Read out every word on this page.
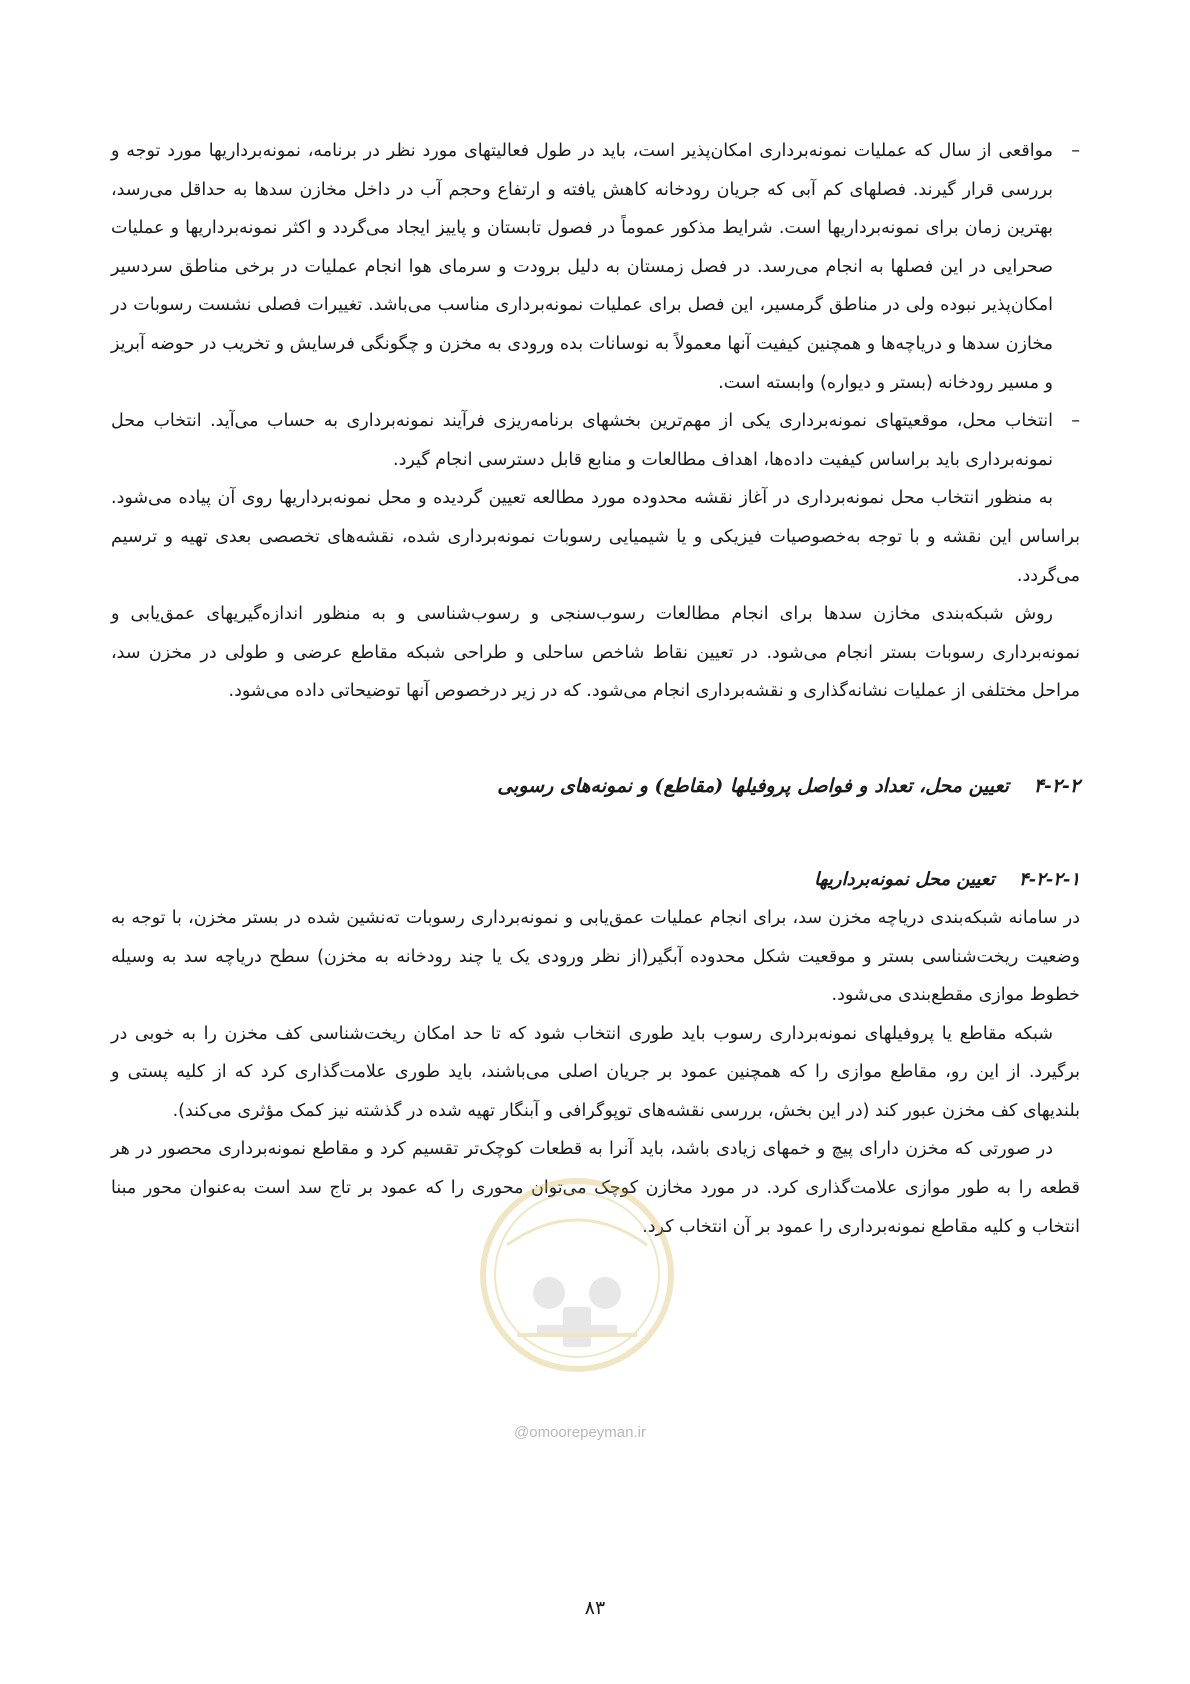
–
مواقعی از سال که عملیات نمونه‌برداری امکان‌پذیر است، باید در طول فعالیتهای مورد نظر در برنامه، نمونه‌برداریها مورد توجه و بررسی قرار گیرند. فصلهای کم آبی که جریان رودخانه کاهش یافته و ارتفاع وحجم آب در داخل مخازن سدها به حداقل می‌رسد، بهترین زمان برای نمونه‌برداریها است. شرایط مذکور عموماً در فصول تابستان و پاییز ایجاد می‌گردد و اکثر نمونه‌برداریها و عملیات صحرایی در این فصلها به انجام می‌رسد. در فصل زمستان به دلیل برودت و سرمای هوا انجام عملیات در برخی مناطق سردسیر امکان‌پذیر نبوده ولی در مناطق گرمسیر، این فصل برای عملیات نمونه‌برداری مناسب می‌باشد. تغییرات فصلی نشست رسوبات در مخازن سدها و دریاچه‌ها و همچنین کیفیت آنها معمولاً به نوسانات بده ورودی به مخزن و چگونگی فرسایش و تخریب در حوضه آبریز و مسیر رودخانه (بستر و دیواره) وابسته است.
–
انتخاب محل، موقعیتهای نمونه‌برداری یکی از مهم‌ترین بخشهای برنامه‌ریزی فرآیند نمونه‌برداری به حساب می‌آید. انتخاب محل نمونه‌برداری باید براساس کیفیت داده‌ها، اهداف مطالعات و منابع قابل دسترسی انجام گیرد.

به منظور انتخاب محل نمونه‌برداری در آغاز نقشه محدوده مورد مطالعه تعیین گردیده و محل نمونه‌برداریها روی آن پیاده می‌شود. براساس این نقشه و با توجه به‌خصوصیات فیزیکی و یا شیمیایی رسوبات نمونه‌برداری شده، نقشه‌های تخصصی بعدی تهیه و ترسیم می‌گردد.

روش شبکه‌بندی مخازن سدها برای انجام مطالعات رسوب‌سنجی و رسوب‌شناسی و به منظور اندازه‌گیریهای عمق‌یابی و نمونه‌برداری رسوبات بستر انجام می‌شود. در تعیین نقاط شاخص ساحلی و طراحی شبکه مقاطع عرضی و طولی در مخزن سد، مراحل مختلفی از عملیات نشانه‌گذاری و نقشه‌برداری انجام می‌شود. که در زیر درخصوص آنها توضیحاتی داده می‌شود.

۴-۲-۲ تعیین محل، تعداد و فواصل پروفیلها (مقاطع) و نمونه‌های رسوبی
۴-۲-۲-۱ تعیین محل نمونه‌برداریها

در سامانه شبکه‌بندی دریاچه مخزن سد، برای انجام عملیات عمق‌یابی و نمونه‌برداری رسوبات ته‌نشین شده در بستر مخزن، با توجه به وضعیت ریخت‌شناسی بستر و موقعیت شکل محدوده آبگیر(از نظر ورودی یک یا چند رودخانه به مخزن) سطح دریاچه سد به وسیله خطوط موازی مقطع‌بندی می‌شود.

شبکه مقاطع یا پروفیلهای نمونه‌برداری رسوب باید طوری انتخاب شود که تا حد امکان ریخت‌شناسی کف مخزن را به خوبی در برگیرد. از این رو، مقاطع موازی را که همچنین عمود بر جریان اصلی می‌باشند، باید طوری علامت‌گذاری کرد که از کلیه پستی و بلندیهای کف مخزن عبور کند (در این بخش، بررسی نقشه‌های توپوگرافی و آبنگار تهیه شده در گذشته نیز کمک مؤثری می‌کند).

در صورتی که مخزن دارای پیچ و خمهای زیادی باشد، باید آنرا به قطعات کوچک‌تر تقسیم کرد و مقاطع نمونه‌برداری محصور در هر قطعه را به طور موازی علامت‌گذاری کرد. در مورد مخازن کوچک می‌توان محوری را که عمود بر تاج سد است به‌عنوان محور مبنا انتخاب و کلیه مقاطع نمونه‌برداری را عمود بر آن انتخاب کرد.

@omoorepeyman.ir
۸۳
